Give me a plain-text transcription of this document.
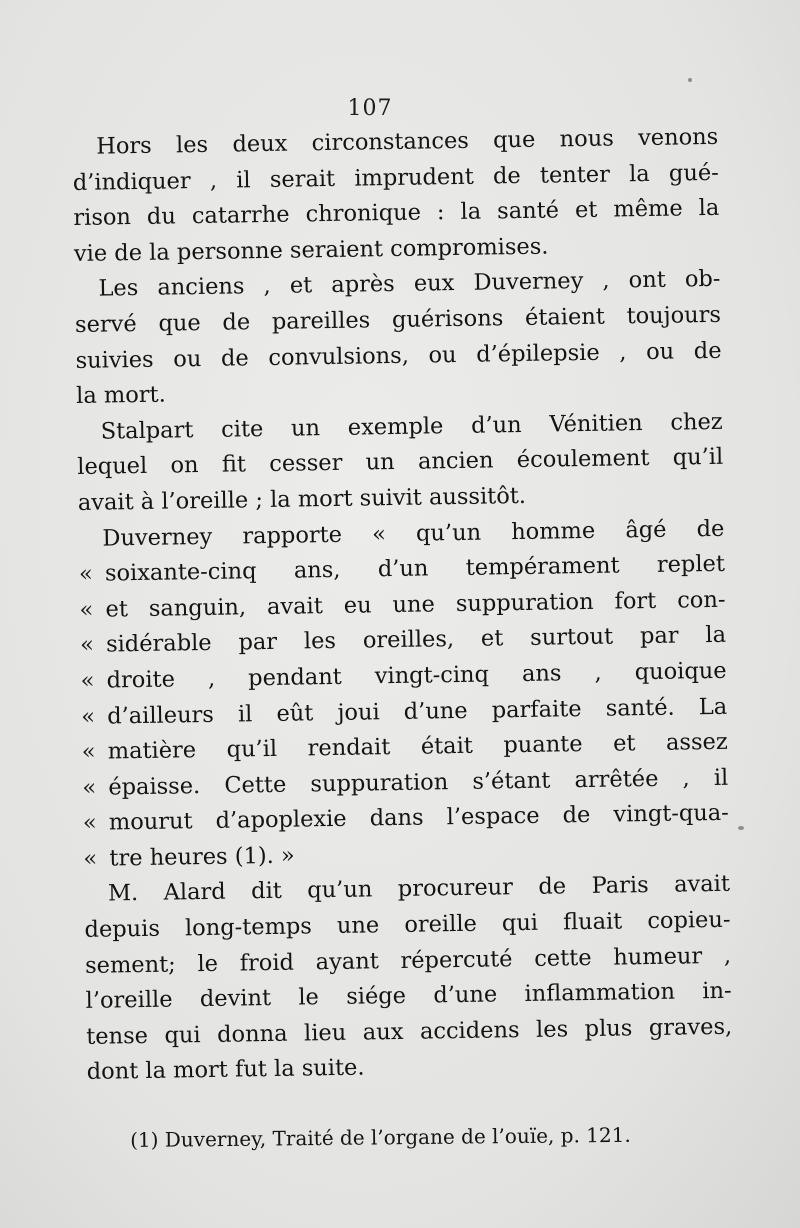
107
Hors les deux circonstances que nous venons
d’indiquer , il serait imprudent de tenter la gué-
rison du catarrhe chronique : la santé et même la
vie de la personne seraient compromises.
Les anciens , et après eux Duverney , ont ob-
servé que de pareilles guérisons étaient toujours
suivies ou de convulsions, ou d’épilepsie , ou de
la mort.
Stalpart cite un exemple d’un Vénitien chez
lequel on fit cesser un ancien écoulement qu’il
avait à l’oreille ; la mort suivit aussitôt.
Duverney rapporte « qu’un homme âgé de
« soixante-cinq ans, d’un tempérament replet
« et sanguin, avait eu une suppuration fort con-
« sidérable par les oreilles, et surtout par la
« droite , pendant vingt-cinq ans , quoique
« d’ailleurs il eût joui d’une parfaite santé. La
« matière qu’il rendait était puante et assez
« épaisse. Cette suppuration s’étant arrêtée , il
« mourut d’apoplexie dans l’espace de vingt-qua-
« tre heures (1). »
M. Alard dit qu’un procureur de Paris avait
depuis long-temps une oreille qui fluait copieu-
sement; le froid ayant répercuté cette humeur ,
l’oreille devint le siége d’une inflammation in-
tense qui donna lieu aux accidens les plus graves,
dont la mort fut la suite.
(1) Duverney, Traité de l’organe de l’ouïe, p. 121.
